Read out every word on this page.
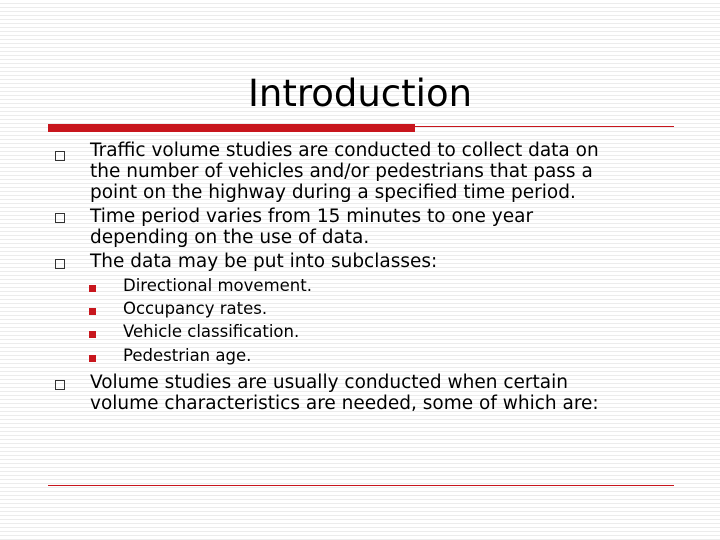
Introduction
Traffic volume studies are conducted to collect data on
the number of vehicles and/or pedestrians that pass a
point on the highway during a specified time period.
Time period varies from 15 minutes to one year
depending on the use of data.
The data may be put into subclasses:
Directional movement.
Occupancy rates.
Vehicle classification.
Pedestrian age.
Volume studies are usually conducted when certain
volume characteristics are needed, some of which are:
